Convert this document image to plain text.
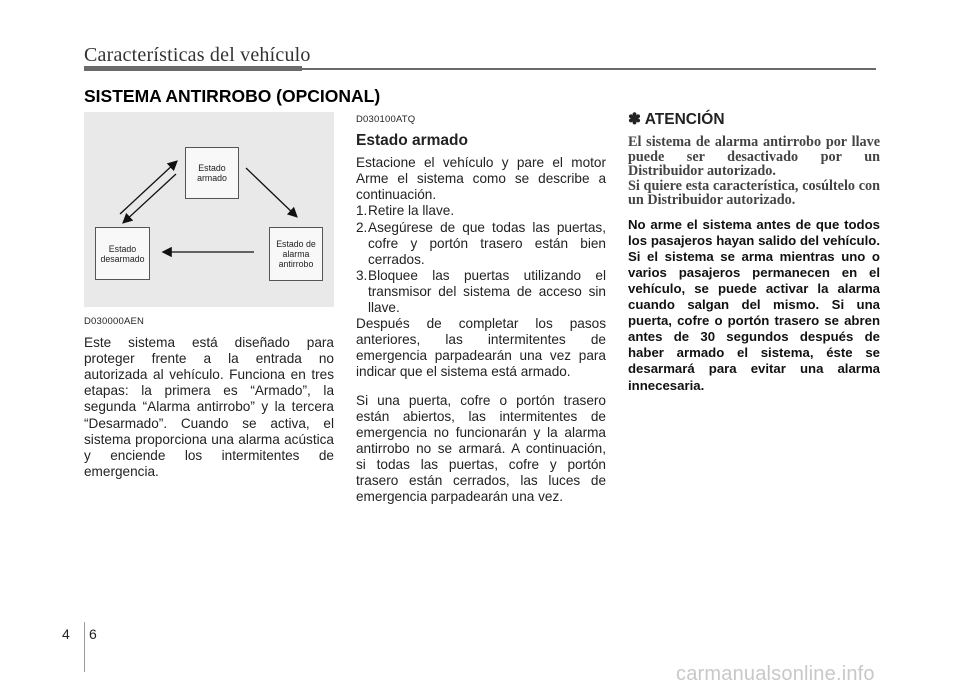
Características del vehículo
SISTEMA ANTIRROBO (OPCIONAL)
Estado
armado
Estado
desarmado
Estado de
alarma
antirrobo
D030000AEN

Este sistema está diseñado para proteger frente a la entrada no autorizada al vehículo. Funciona en tres etapas: la primera es “Armado”, la segunda “Alarma antirrobo” y la tercera “Desarmado”. Cuando se activa, el sistema proporciona una alarma acústica y enciende los intermitentes de emergencia.

D030100ATQ
Estado armado

Estacione el vehículo y pare el motor Arme el sistema como se describe a continuación.

1. Retire la llave.
2. Asegúrese de que todas las puertas, cofre y portón trasero están bien cerrados.
3. Bloquee las puertas utilizando el transmisor del sistema de acceso sin llave.

Después de completar los pasos anteriores, las intermitentes de emergencia parpadearán una vez para indicar que el sistema está armado.

Si una puerta, cofre o portón trasero están abiertos, las intermitentes de emergencia no funcionarán y la alarma antirrobo no se armará. A continuación, si todas las puertas, cofre y portón trasero están cerrados, las luces de emergencia parpadearán una vez.

✽ ATENCIÓN
El sistema de alarma antirrobo por llave puede ser desactivado por un Distribuidor autorizado.
Si quiere esta característica, cosúltelo con un Distribuidor autorizado.
No arme el sistema antes de que todos los pasajeros hayan salido del vehículo. Si el sistema se arma mientras uno o varios pasajeros permanecen en el vehículo, se puede activar la alarma cuando salgan del mismo. Si una puerta, cofre o portón trasero se abren antes de 30 segundos después de haber armado el sistema, éste se desarmará para evitar una alarma innecesaria.
4 6
carmanualsonline.info
